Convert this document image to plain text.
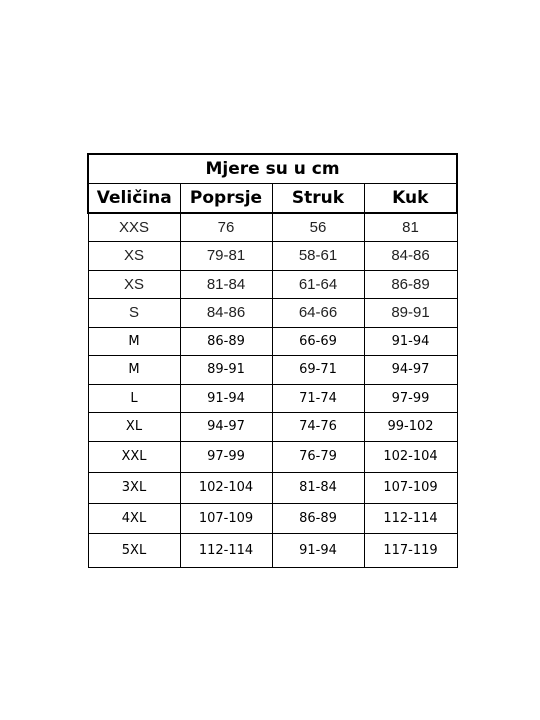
Mjere su u cm			
Veličina	Poprsje	Struk	Kuk
XXS	76	56	81
XS	79-81	58-61	84-86
XS	81-84	61-64	86-89
S	84-86	64-66	89-91
M	86-89	66-69	91-94
M	89-91	69-71	94-97
L	91-94	71-74	97-99
XL	94-97	74-76	99-102
XXL	97-99	76-79	102-104
3XL	102-104	81-84	107-109
4XL	107-109	86-89	112-114
5XL	112-114	91-94	117-119
